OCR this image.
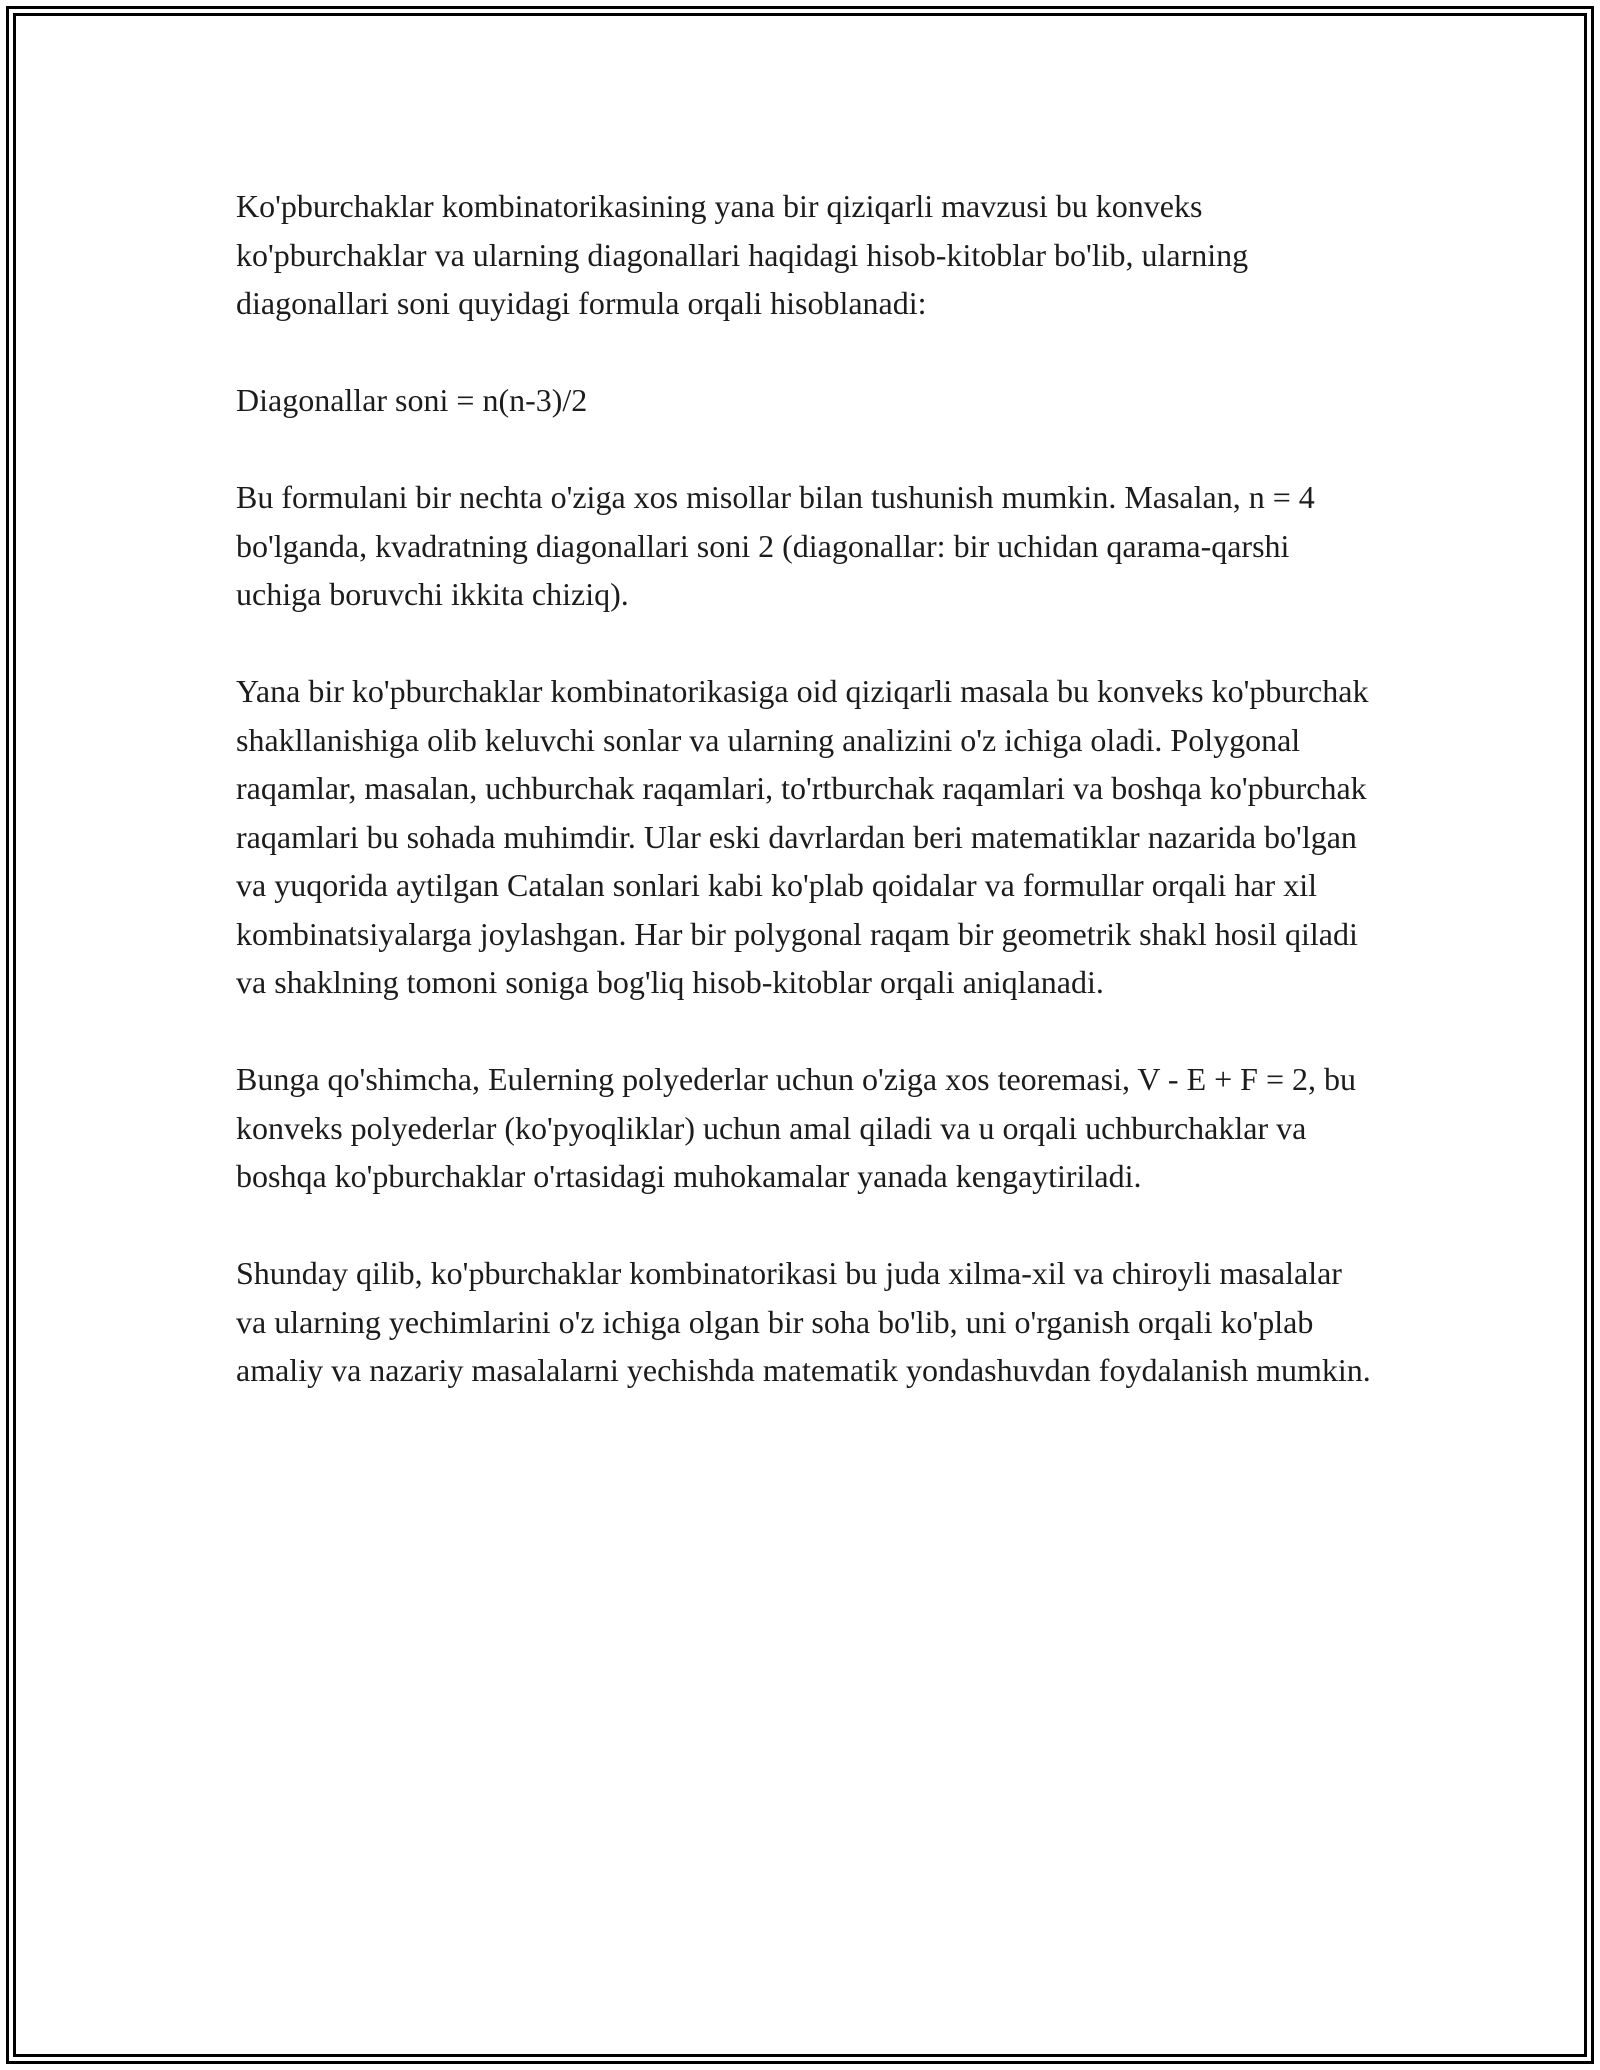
Ko'pburchaklar kombinatorikasining yana bir qiziqarli mavzusi bu konveks ko'pburchaklar va ularning diagonallari haqidagi hisob-kitoblar bo'lib, ularning diagonallari soni quyidagi formula orqali hisoblanadi:

Diagonallar soni = n(n-3)/2

Bu formulani bir nechta o'ziga xos misollar bilan tushunish mumkin. Masalan, n = 4 bo'lganda, kvadratning diagonallari soni 2 (diagonallar: bir uchidan qarama-qarshi uchiga boruvchi ikkita chiziq).

Yana bir ko'pburchaklar kombinatorikasiga oid qiziqarli masala bu konveks ko'pburchak shakllanishiga olib keluvchi sonlar va ularning analizini o'z ichiga oladi. Polygonal raqamlar, masalan, uchburchak raqamlari, to'rtburchak raqamlari va boshqa ko'pburchak raqamlari bu sohada muhimdir. Ular eski davrlardan beri matematiklar nazarida bo'lgan va yuqorida aytilgan Catalan sonlari kabi ko'plab qoidalar va formullar orqali har xil kombinatsiyalarga joylashgan. Har bir polygonal raqam bir geometrik shakl hosil qiladi va shaklning tomoni soniga bog'liq hisob-kitoblar orqali aniqlanadi.

Bunga qo'shimcha, Eulerning polyederlar uchun o'ziga xos teoremasi, V - E + F = 2, bu konveks polyederlar (ko'pyoqliklar) uchun amal qiladi va u orqali uchburchaklar va boshqa ko'pburchaklar o'rtasidagi muhokamalar yanada kengaytiriladi.

Shunday qilib, ko'pburchaklar kombinatorikasi bu juda xilma-xil va chiroyli masalalar va ularning yechimlarini o'z ichiga olgan bir soha bo'lib, uni o'rganish orqali ko'plab amaliy va nazariy masalalarni yechishda matematik yondashuvdan foydalanish mumkin.
